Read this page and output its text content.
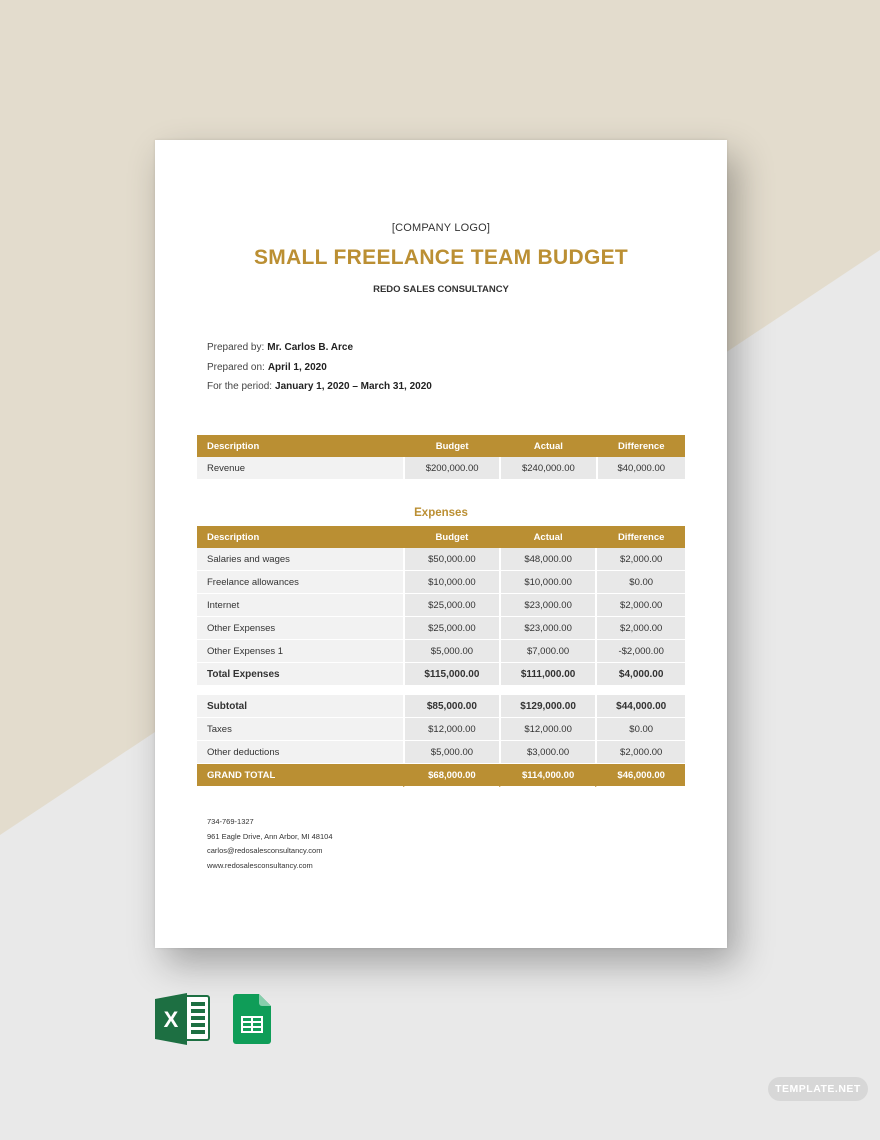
[COMPANY LOGO]
SMALL FREELANCE TEAM BUDGET
REDO SALES CONSULTANCY
Prepared by: Mr. Carlos B. Arce
Prepared on: April 1, 2020
For the period: January 1, 2020 – March 31, 2020
Description	Budget	Actual	Difference
Revenue	$200,000.00	$240,000.00	$40,000.00
Expenses
Description	Budget	Actual	Difference
Salaries and wages	$50,000.00	$48,000.00	$2,000.00
Freelance allowances	$10,000.00	$10,000.00	$0.00
Internet	$25,000.00	$23,000.00	$2,000.00
Other Expenses	$25,000.00	$23,000.00	$2,000.00
Other Expenses 1	$5,000.00	$7,000.00	-$2,000.00
Total Expenses	$115,000.00	$111,000.00	$4,000.00

Subtotal	$85,000.00	$129,000.00	$44,000.00
Taxes	$12,000.00	$12,000.00	$0.00
Other deductions	$5,000.00	$3,000.00	$2,000.00
GRAND TOTAL	$68,000.00	$114,000.00	$46,000.00
734-769-1327
961 Eagle Drive, Ann Arbor, MI 48104
carlos@redosalesconsultancy.com
www.redosalesconsultancy.com
X
TEMPLATE.NET
